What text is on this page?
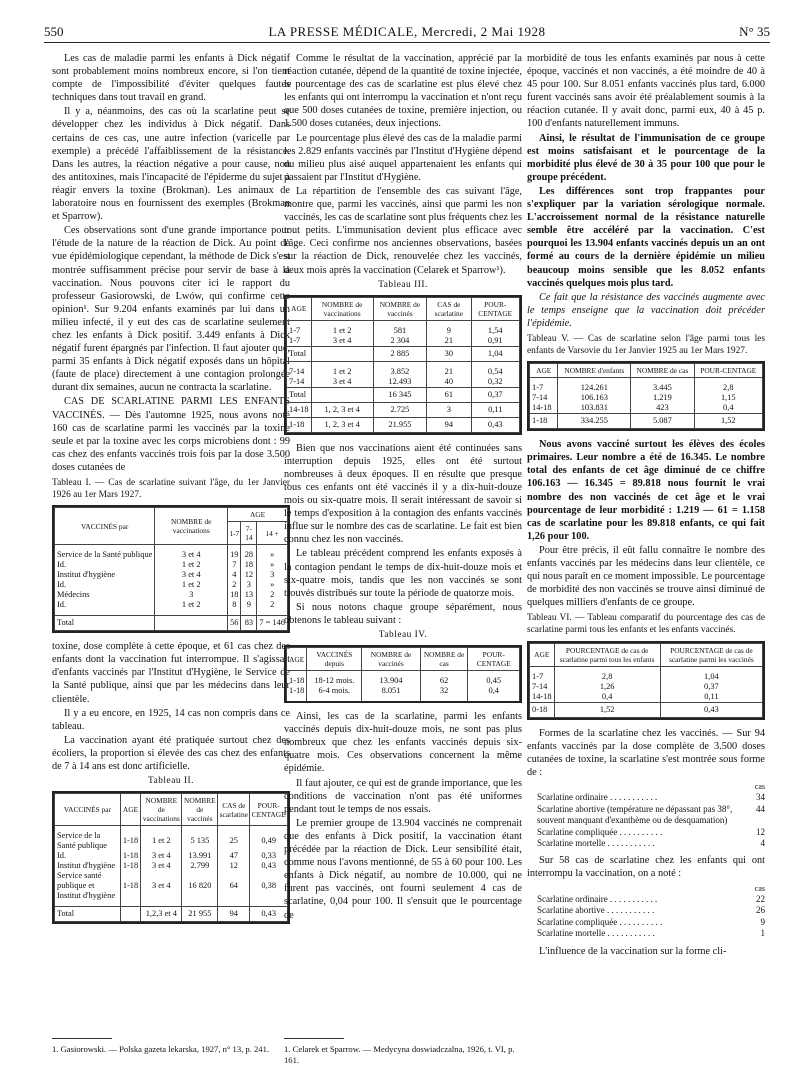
550	LA PRESSE MÉDICALE, Mercredi, 2 Mai 1928	N° 35

Les cas de maladie parmi les enfants à Dick négatif sont probablement moins nombreux encore, si l'on tient compte de l'impossibilité d'éviter quelques fautes techniques dans tout travail en grand.

Il y a, néanmoins, des cas où la scarlatine peut se développer chez les individus à Dick négatif. Dans certains de ces cas, une autre infection (varicelle par exemple) a précédé l'affaiblissement de la résistance. Dans les autres, la réaction négative a pour cause, non des antitoxines, mais l'incapacité de l'épiderme du sujet à réagir envers la toxine (Brokman). Les animaux de laboratoire nous en fournissent des exemples (Brokman et Sparrow).

Ces observations sont d'une grande importance pour l'étude de la nature de la réaction de Dick. Au point de vue épidémiologique cependant, la méthode de Dick s'est montrée suffisamment précise pour servir de base à la vaccination. Nous pouvons citer ici le rapport du professeur Gasiorowski, de Lwów, qui confirme cette opinion¹. Sur 9.204 enfants examinés par lui dans un milieu infecté, il y eut des cas de scarlatine seulement chez les enfants à Dick positif. 3.449 enfants à Dick négatif furent épargnés par l'infection. Il faut ajouter que, parmi 35 enfants à Dick négatif exposés dans un hôpital (faute de place) directement à une contagion prolongée durant dix semaines, aucun ne contracta la scarlatine.

CAS DE SCARLATINE PARMI LES ENFANTS VACCINÉS. — Dès l'automne 1925, nous avons noté 160 cas de scarlatine parmi les vaccinés par la toxine seule et par la toxine avec les corps microbiens dont : 99 cas chez des enfants vaccinés trois fois par la dose 3.500 doses cutanées de

Tableau I. — Cas de scarlatine suivant l'âge, du 1er Janvier 1926 au 1er Mars 1927.

VACCINÉS par	NOMBRE de vaccinations	AGE		
		1-7	7-14	14 +

Service de la Santé publique	3 et 4	19	28	»
Id.	1 et 2	7	18	»
Institut d'hygiène	3 et 4	4	12	3
Id.	1 et 2	2	3	»
Médecins	3	18	13	2
Id.	1 et 2	8	9	2

Total		56	83	7 = 146

toxine, dose complète à cette époque, et 61 cas chez des enfants dont la vaccination fut interrompue. Il s'agissait d'enfants vaccinés par l'Institut d'Hygiène, le Service de la Santé publique, ainsi que par les médecins dans leur clientèle.

Il y a eu encore, en 1925, 14 cas non compris dans ce tableau.

La vaccination ayant été pratiquée surtout chez des écoliers, la proportion si élevée des cas chez des enfants de 7 à 14 ans est donc artificielle.

Tableau II.

VACCINÉS par	AGE	NOMBRE de vaccinations	NOMBRE de vaccinés	CAS de scarlatine	POUR-CENTAGE

Service de la Santé publique	1-18	1 et 2	5 135	25	0,49
Id.	1-18	3 et 4	13.991	47	0,33
Institut d'hygiène	1-18	3 et 4	2.799	12	0,43
Service santé publique et Institut d'hygiène	1-18	3 et 4	16 820	64	0,38

Total		1,2,3 et 4	21 955	94	0,43
1. Gasiorowski. — Polska gazeta lekarska, 1927, n° 13, p. 241.

Comme le résultat de la vaccination, apprécié par la réaction cutanée, dépend de la quantité de toxine injectée, le pourcentage des cas de scarlatine est plus élevé chez les enfants qui ont interrompu la vaccination et n'ont reçu que 500 doses cutanées de toxine, première injection, ou 1.500 doses cutanées, deux injections.

Le pourcentage plus élevé des cas de la maladie parmi les 2.829 enfants vaccinés par l'Institut d'Hygiène dépend du milieu plus aisé auquel appartenaient les enfants qui passaient par l'Institut d'Hygiène.

La répartition de l'ensemble des cas suivant l'âge, montre que, parmi les vaccinés, ainsi que parmi les non vaccinés, les cas de scarlatine sont plus fréquents chez les tout petits. L'immunisation devient plus efficace avec l'âge. Ceci confirme nos anciennes observations, basées sur la réaction de Dick, renouvelée chez les vaccinés, deux mois après la vaccination (Celarek et Sparrow¹).

Tableau III.

AGE	NOMBRE de vaccinations	NOMBRE de vaccinés	CAS de scarlatine	POUR-CENTAGE

1-7	1 et 2	581	9	1,54
1-7	3 et 4	2 304	21	0,91
Total		2 885	30	1,04

7-14	1 et 2	3.852	21	0,54
7-14	3 et 4	12.493	40	0,32
Total		16 345	61	0,37
14-18	1, 2, 3 et 4	2.725	3	0,11
1-18	1, 2, 3 et 4	21.955	94	0,43

Bien que nos vaccinations aient été continuées sans interruption depuis 1925, elles ont été surtout nombreuses à deux époques. Il en résulte que presque tous ces enfants ont été vaccinés il y a dix-huit-douze mois ou six-quatre mois. Il serait intéressant de savoir si le temps d'exposition à la contagion des enfants vaccinés influe sur le nombre des cas de scarlatine. Le fait est bien connu chez les non vaccinés.

Le tableau précédent comprend les enfants exposés à la contagion pendant le temps de dix-huit-douze mois et six-quatre mois, tandis que les non vaccinés se sont trouvés distribués sur toute la période de quatorze mois.

Si nous notons chaque groupe séparément, nous obtenons le tableau suivant :

Tableau IV.

AGE	VACCINÉS depuis	NOMBRE de vaccinés	NOMBRE de cas	POUR-CENTAGE

1-18	18-12 mois.	13.904	62	0,45
1-18	6-4 mois.	8.051	32	0,4

Ainsi, les cas de la scarlatine, parmi les enfants vaccinés depuis dix-huit-douze mois, ne sont pas plus nombreux que chez les enfants vaccinés depuis six-quatre mois. Ces observations concernent la même épidémie.

Il faut ajouter, ce qui est de grande importance, que les conditions de vaccination n'ont pas été uniformes pendant tout le temps de nos essais.

Le premier groupe de 13.904 vaccinés ne comprenait que des enfants à Dick positif, la vaccination étant précédée par la réaction de Dick. Leur sensibilité était, comme nous l'avons mentionné, de 55 à 60 pour 100. Les enfants à Dick négatif, au nombre de 10.000, qui ne furent pas vaccinés, ont fourni seulement 4 cas de scarlatine, 0,04 pour 100. Il s'ensuit que le pourcentage de

1. Celarek et Sparrow. — Medycyna doswiadczalna, 1926, t. VI, p. 161.

morbidité de tous les enfants examinés par nous à cette époque, vaccinés et non vaccinés, a été moindre de 40 à 45 pour 100. Sur 8.051 enfants vaccinés plus tard, 6.000 furent vaccinés sans avoir été préalablement soumis à la réaction cutanée. Il y avait donc, parmi eux, 40 à 45 p. 100 d'enfants naturellement immuns.

Ainsi, le résultat de l'immunisation de ce groupe est moins satisfaisant et le pourcentage de la morbidité plus élevé de 30 à 35 pour 100 que pour le groupe précédent.

Les différences sont trop frappantes pour s'expliquer par la variation sérologique normale. L'accroissement normal de la résistance naturelle semble être accéléré par la vaccination. C'est pourquoi les 13.904 enfants vaccinés depuis un an ont formé au cours de la dernière épidémie un milieu beaucoup moins sensible que les 8.052 enfants vaccinés quelques mois plus tard.

Ce fait que la résistance des vaccinés augmente avec le temps enseigne que la vaccination doit précéder l'épidémie.

Tableau V. — Cas de scarlatine selon l'âge parmi tous les enfants de Varsovie du 1er Janvier 1925 au 1er Mars 1927.

AGE	NOMBRE d'enfants	NOMBRE de cas	POUR-CENTAGE

1-7	124.261	3.445	2,8
7-14	106.163	1.219	1,15
14-18	103.831	423	0,4
1-18	334.255	5.087	1,52

Nous avons vacciné surtout les élèves des écoles primaires. Leur nombre a été de 16.345. Le nombre total des enfants de cet âge diminué de ce chiffre 106.163 — 16.345 = 89.818 nous fournit le vrai nombre des non vaccinés de cet âge et le vrai pourcentage de leur morbidité : 1.219 — 61 = 1.158 cas de scarlatine pour les 89.818 enfants, ce qui fait 1,26 pour 100.

Pour être précis, il eût fallu connaître le nombre des enfants vaccinés par les médecins dans leur clientèle, ce qui nous paraît en ce moment impossible. Le pourcentage de morbidité des non vaccinés se trouve ainsi diminué de quelques milliers d'enfants de ce groupe.

Tableau VI. — Tableau comparatif du pourcentage des cas de scarlatine parmi tous les enfants et les enfants vaccinés.

AGE	POURCENTAGE de cas de scarlatine parmi tous les enfants	POURCENTAGE de cas de scarlatine parmi les vaccinés

1-7	2,8	1,04
7-14	1,26	0,37
14-18	0,4	0,11
0-18	1,52	0,43

Formes de la scarlatine chez les vaccinés. — Sur 94 enfants vaccinés par la dose complète de 3.500 doses cutanées de toxine, la scarlatine s'est montrée sous forme de :

cas
Scarlatine ordinaire . . . . . . . . . . .	34
Scarlatine abortive (température ne dépassant pas 38°, souvent manquant d'exanthème ou de desquamation)
44
Scarlatine compliquée . . . . . . . . . .	12
Scarlatine mortelle . . . . . . . . . . .	4

Sur 58 cas de scarlatine chez les enfants qui ont interrompu la vaccination, on a noté :

cas
Scarlatine ordinaire . . . . . . . . . . .	22
Scarlatine abortive . . . . . . . . . . .	26
Scarlatine compliquée . . . . . . . . . .	9
Scarlatine mortelle . . . . . . . . . . .	1

L'influence de la vaccination sur la forme cli-
